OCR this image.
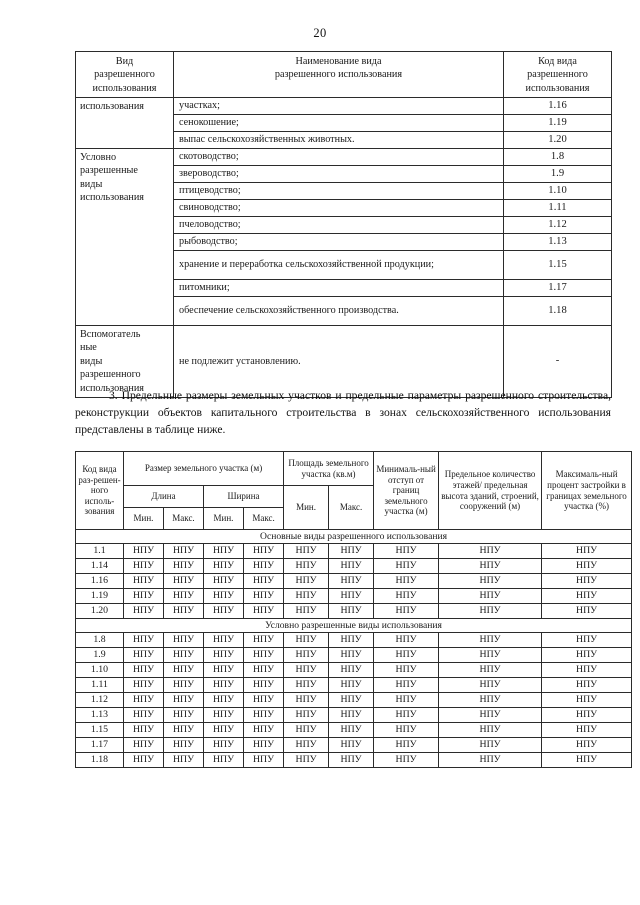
20
Вид
разрешенного
использования	Наименование вида
разрешенного использования	Код вида
разрешенного
использования
использования	участках;	1.16
	сенокошение;	1.19
	выпас сельскохозяйственных животных.	1.20
Условно
разрешенные
виды
использования	скотоводство;	1.8
	звероводство;	1.9
	птицеводство;	1.10
	свиноводство;	1.11
	пчеловодство;	1.12
	рыбоводство;	1.13
	хранение и переработка сельскохозяйственной продукции;	1.15
	питомники;	1.17
	обеспечение сельскохозяйственного производства.	1.18
Вспомогатель
ные
виды
разрешенного
использования	не подлежит установлению.	-
3. Предельные размеры земельных участков и предельные параметры разрешенного строительства, реконструкции объектов капитального строительства в зонах сельскохозяйственного использования представлены в таблице ниже.
Код вида раз-решен-ного исполь-зования	Размер земельного участка (м)				Площадь земельного участка (кв.м)		Минималь-ный отступ от границ земельного участка (м)	Предельное количество этажей/ предельная высота зданий, строений, сооружений (м)	Максималь-ный процент застройки в границах земельного участка (%)
	Длина		Ширина		Мин.	Макс.			
	Мин.	Макс.	Мин.	Макс.					
Основные виды разрешенного использования									
1.1	НПУ	НПУ	НПУ	НПУ	НПУ	НПУ	НПУ	НПУ	НПУ
1.14	НПУ	НПУ	НПУ	НПУ	НПУ	НПУ	НПУ	НПУ	НПУ
1.16	НПУ	НПУ	НПУ	НПУ	НПУ	НПУ	НПУ	НПУ	НПУ
1.19	НПУ	НПУ	НПУ	НПУ	НПУ	НПУ	НПУ	НПУ	НПУ
1.20	НПУ	НПУ	НПУ	НПУ	НПУ	НПУ	НПУ	НПУ	НПУ
Условно разрешенные виды использования									
1.8	НПУ	НПУ	НПУ	НПУ	НПУ	НПУ	НПУ	НПУ	НПУ
1.9	НПУ	НПУ	НПУ	НПУ	НПУ	НПУ	НПУ	НПУ	НПУ
1.10	НПУ	НПУ	НПУ	НПУ	НПУ	НПУ	НПУ	НПУ	НПУ
1.11	НПУ	НПУ	НПУ	НПУ	НПУ	НПУ	НПУ	НПУ	НПУ
1.12	НПУ	НПУ	НПУ	НПУ	НПУ	НПУ	НПУ	НПУ	НПУ
1.13	НПУ	НПУ	НПУ	НПУ	НПУ	НПУ	НПУ	НПУ	НПУ
1.15	НПУ	НПУ	НПУ	НПУ	НПУ	НПУ	НПУ	НПУ	НПУ
1.17	НПУ	НПУ	НПУ	НПУ	НПУ	НПУ	НПУ	НПУ	НПУ
1.18	НПУ	НПУ	НПУ	НПУ	НПУ	НПУ	НПУ	НПУ	НПУ
